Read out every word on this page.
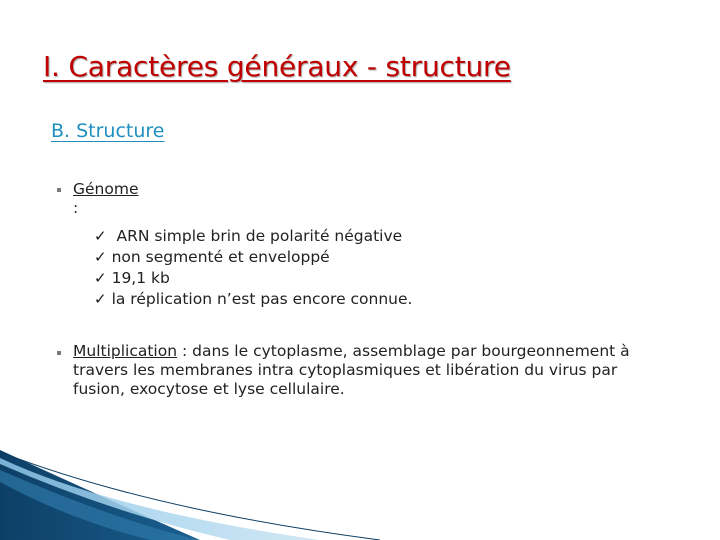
I. Caractères généraux - structure
B. Structure
Génome :
✓ ARN simple brin de polarité négative
✓ non segmenté et enveloppé
✓ 19,1 kb
✓ la réplication n’est pas encore connue.
Multiplication : dans le cytoplasme, assemblage par bourgeonnement à travers les membranes intra cytoplasmiques et libération du virus par fusion, exocytose et lyse cellulaire.
